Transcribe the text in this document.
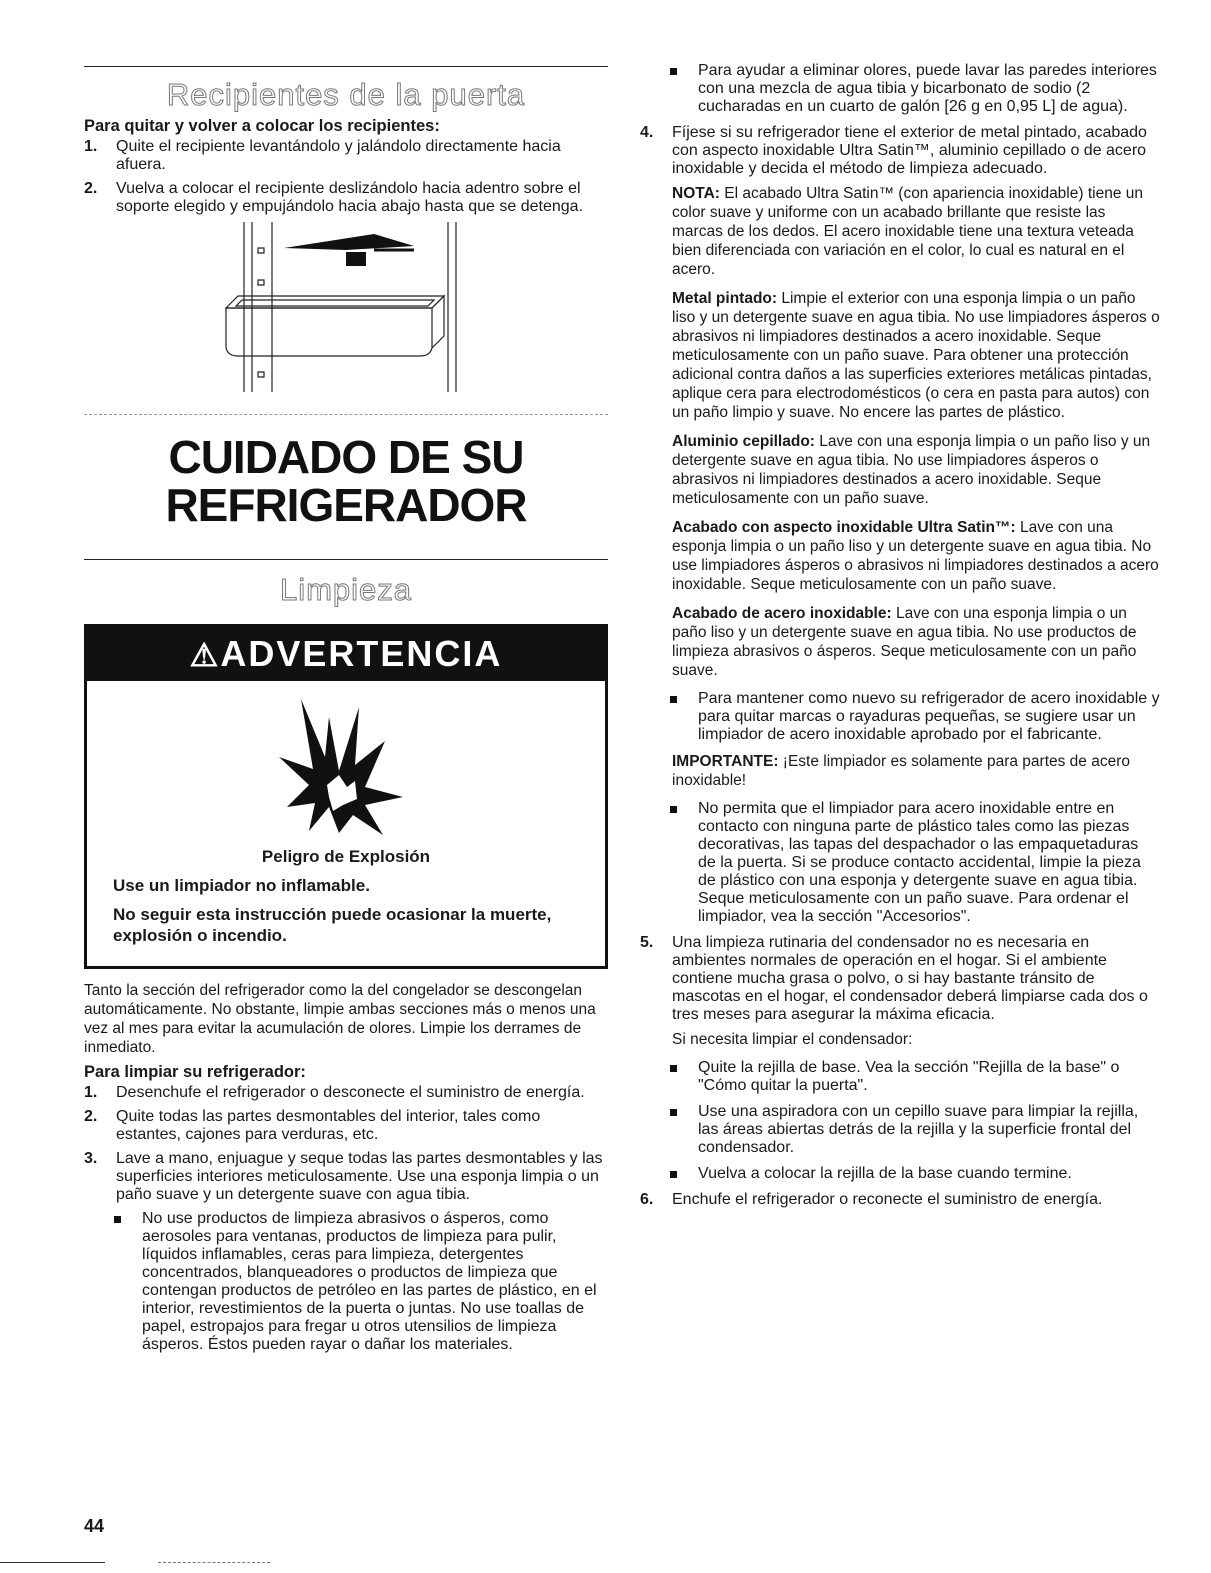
Recipientes de la puerta
Para quitar y volver a colocar los recipientes:
1.	Quite el recipiente levantándolo y jalándolo directamente hacia afuera.
2.	Vuelva a colocar el recipiente deslizándolo hacia adentro sobre el soporte elegido y empujándolo hacia abajo hasta que se detenga.
CUIDADO DE SU
REFRIGERADOR
Limpieza
⚠ADVERTENCIA
Peligro de Explosión
Use un limpiador no inflamable.
No seguir esta instrucción puede ocasionar la muerte, explosión o incendio.

Tanto la sección del refrigerador como la del congelador se descongelan automáticamente. No obstante, limpie ambas secciones más o menos una vez al mes para evitar la acumulación de olores. Limpie los derrames de inmediato.

Para limpiar su refrigerador:
1.	Desenchufe el refrigerador o desconecte el suministro de energía.
2.	Quite todas las partes desmontables del interior, tales como estantes, cajones para verduras, etc.
3.	Lave a mano, enjuague y seque todas las partes desmontables y las superficies interiores meticulosamente. Use una esponja limpia o un paño suave y un detergente suave con agua tibia.
No use productos de limpieza abrasivos o ásperos, como aerosoles para ventanas, productos de limpieza para pulir, líquidos inflamables, ceras para limpieza, detergentes concentrados, blanqueadores o productos de limpieza que contengan productos de petróleo en las partes de plástico, en el interior, revestimientos de la puerta o juntas. No use toallas de papel, estropajos para fregar u otros utensilios de limpieza ásperos. Éstos pueden rayar o dañar los materiales.
Para ayudar a eliminar olores, puede lavar las paredes interiores con una mezcla de agua tibia y bicarbonato de sodio (2 cucharadas en un cuarto de galón [26 g en 0,95 L] de agua).
4.	Fíjese si su refrigerador tiene el exterior de metal pintado, acabado con aspecto inoxidable Ultra Satin™, aluminio cepillado o de acero inoxidable y decida el método de limpieza adecuado.

NOTA: El acabado Ultra Satin™ (con apariencia inoxidable) tiene un color suave y uniforme con un acabado brillante que resiste las marcas de los dedos. El acero inoxidable tiene una textura veteada bien diferenciada con variación en el color, lo cual es natural en el acero.

Metal pintado: Limpie el exterior con una esponja limpia o un paño liso y un detergente suave en agua tibia. No use limpiadores ásperos o abrasivos ni limpiadores destinados a acero inoxidable. Seque meticulosamente con un paño suave. Para obtener una protección adicional contra daños a las superficies exteriores metálicas pintadas, aplique cera para electrodomésticos (o cera en pasta para autos) con un paño limpio y suave. No encere las partes de plástico.

Aluminio cepillado: Lave con una esponja limpia o un paño liso y un detergente suave en agua tibia. No use limpiadores ásperos o abrasivos ni limpiadores destinados a acero inoxidable. Seque meticulosamente con un paño suave.

Acabado con aspecto inoxidable Ultra Satin™: Lave con una esponja limpia o un paño liso y un detergente suave en agua tibia. No use limpiadores ásperos o abrasivos ni limpiadores destinados a acero inoxidable. Seque meticulosamente con un paño suave.

Acabado de acero inoxidable: Lave con una esponja limpia o un paño liso y un detergente suave en agua tibia. No use productos de limpieza abrasivos o ásperos. Seque meticulosamente con un paño suave.

Para mantener como nuevo su refrigerador de acero inoxidable y para quitar marcas o rayaduras pequeñas, se sugiere usar un limpiador de acero inoxidable aprobado por el fabricante.

IMPORTANTE: ¡Este limpiador es solamente para partes de acero inoxidable!

No permita que el limpiador para acero inoxidable entre en contacto con ninguna parte de plástico tales como las piezas decorativas, las tapas del despachador o las empaquetaduras de la puerta. Si se produce contacto accidental, limpie la pieza de plástico con una esponja y detergente suave en agua tibia. Seque meticulosamente con un paño suave. Para ordenar el limpiador, vea la sección "Accesorios".
5.	Una limpieza rutinaria del condensador no es necesaria en ambientes normales de operación en el hogar. Si el ambiente contiene mucha grasa o polvo, o si hay bastante tránsito de mascotas en el hogar, el condensador deberá limpiarse cada dos o tres meses para asegurar la máxima eficacia.

Si necesita limpiar el condensador:

Quite la rejilla de base. Vea la sección "Rejilla de la base" o "Cómo quitar la puerta".
Use una aspiradora con un cepillo suave para limpiar la rejilla, las áreas abiertas detrás de la rejilla y la superficie frontal del condensador.
Vuelva a colocar la rejilla de la base cuando termine.
6.	Enchufe el refrigerador o reconecte el suministro de energía.
44
